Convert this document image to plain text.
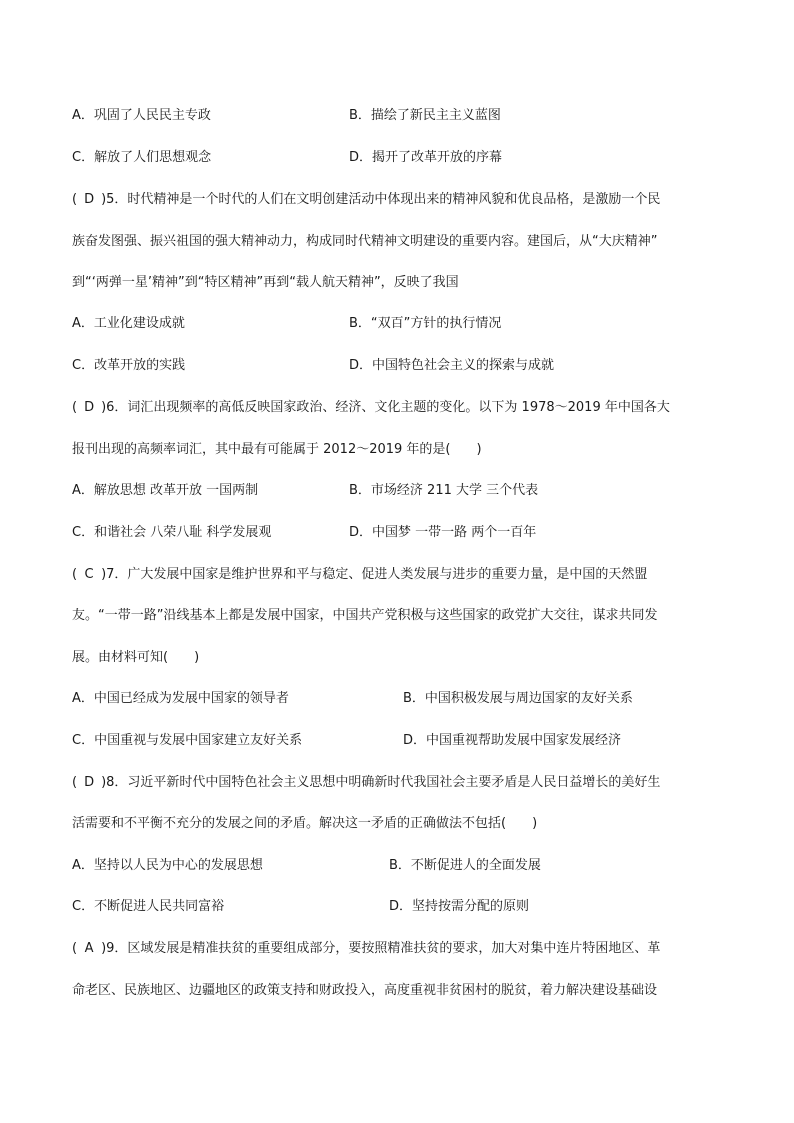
A．巩固了人民民主专政	B．描绘了新民主主义蓝图
C．解放了人们思想观念	D．揭开了改革开放的序幕
( D )5．时代精神是一个时代的人们在文明创建活动中体现出来的精神风貌和优良品格，是激励一个民
族奋发图强、振兴祖国的强大精神动力，构成同时代精神文明建设的重要内容。建国后，从“大庆精神”
到“‘两弹一星’精神”到“特区精神”再到“载人航天精神”，反映了我国
A．工业化建设成就	B．“双百”方针的执行情况
C．改革开放的实践	D．中国特色社会主义的探索与成就
( D )6．词汇出现频率的高低反映国家政治、经济、文化主题的变化。以下为 1978～2019 年中国各大
报刊出现的高频率词汇，其中最有可能属于 2012～2019 年的是(　　)
A．解放思想 改革开放 一国两制	B．市场经济 211 大学 三个代表
C．和谐社会 八荣八耻 科学发展观	D．中国梦 一带一路 两个一百年
( C )7．广大发展中国家是维护世界和平与稳定、促进人类发展与进步的重要力量，是中国的天然盟
友。“一带一路”沿线基本上都是发展中国家，中国共产党积极与这些国家的政党扩大交往，谋求共同发
展。由材料可知(　　)
A．中国已经成为发展中国家的领导者	B．中国积极发展与周边国家的友好关系
C．中国重视与发展中国家建立友好关系	D．中国重视帮助发展中国家发展经济
( D )8．习近平新时代中国特色社会主义思想中明确新时代我国社会主要矛盾是人民日益增长的美好生
活需要和不平衡不充分的发展之间的矛盾。解决这一矛盾的正确做法不包括(　　)
A．坚持以人民为中心的发展思想	B．不断促进人的全面发展
C．不断促进人民共同富裕	D．坚持按需分配的原则
( A )9．区域发展是精准扶贫的重要组成部分，要按照精准扶贫的要求，加大对集中连片特困地区、革
命老区、民族地区、边疆地区的政策支持和财政投入，高度重视非贫困村的脱贫，着力解决建设基础设
